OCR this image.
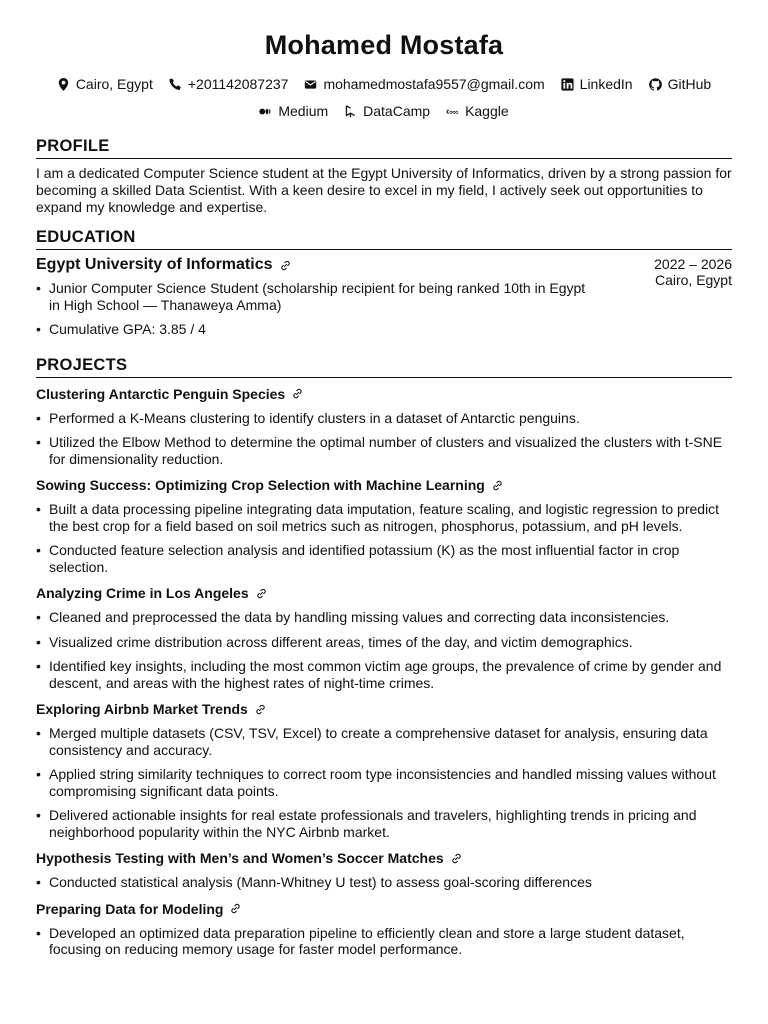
Mohamed Mostafa
Cairo, Egypt	+201142087237	mohamedmostafa9557@gmail.com	LinkedIn	GitHub
Medium	DataCamp	Kaggle
PROFILE

I am a dedicated Computer Science student at the Egypt University of Informatics, driven by a strong passion for becoming a skilled Data Scientist. With a keen desire to excel in my field, I actively seek out opportunities to expand my knowledge and expertise.

EDUCATION
Egypt University of Informatics
• Junior Computer Science Student (scholarship recipient for being ranked 10th in Egypt in High School — Thanaweya Amma)
• Cumulative GPA: 3.85 / 4
2022 – 2026
Cairo, Egypt
PROJECTS
Clustering Antarctic Penguin Species
• Performed a K-Means clustering to identify clusters in a dataset of Antarctic penguins.
• Utilized the Elbow Method to determine the optimal number of clusters and visualized the clusters with t-SNE for dimensionality reduction.
Sowing Success: Optimizing Crop Selection with Machine Learning
• Built a data processing pipeline integrating data imputation, feature scaling, and logistic regression to predict the best crop for a field based on soil metrics such as nitrogen, phosphorus, potassium, and pH levels.
• Conducted feature selection analysis and identified potassium (K) as the most influential factor in crop selection.
Analyzing Crime in Los Angeles
• Cleaned and preprocessed the data by handling missing values and correcting data inconsistencies.
• Visualized crime distribution across different areas, times of the day, and victim demographics.
• Identified key insights, including the most common victim age groups, the prevalence of crime by gender and descent, and areas with the highest rates of night-time crimes.
Exploring Airbnb Market Trends
• Merged multiple datasets (CSV, TSV, Excel) to create a comprehensive dataset for analysis, ensuring data consistency and accuracy.
• Applied string similarity techniques to correct room type inconsistencies and handled missing values without compromising significant data points.
• Delivered actionable insights for real estate professionals and travelers, highlighting trends in pricing and neighborhood popularity within the NYC Airbnb market.
Hypothesis Testing with Men’s and Women’s Soccer Matches
• Conducted statistical analysis (Mann-Whitney U test) to assess goal-scoring differences
Preparing Data for Modeling
• Developed an optimized data preparation pipeline to efficiently clean and store a large student dataset, focusing on reducing memory usage for faster model performance.
